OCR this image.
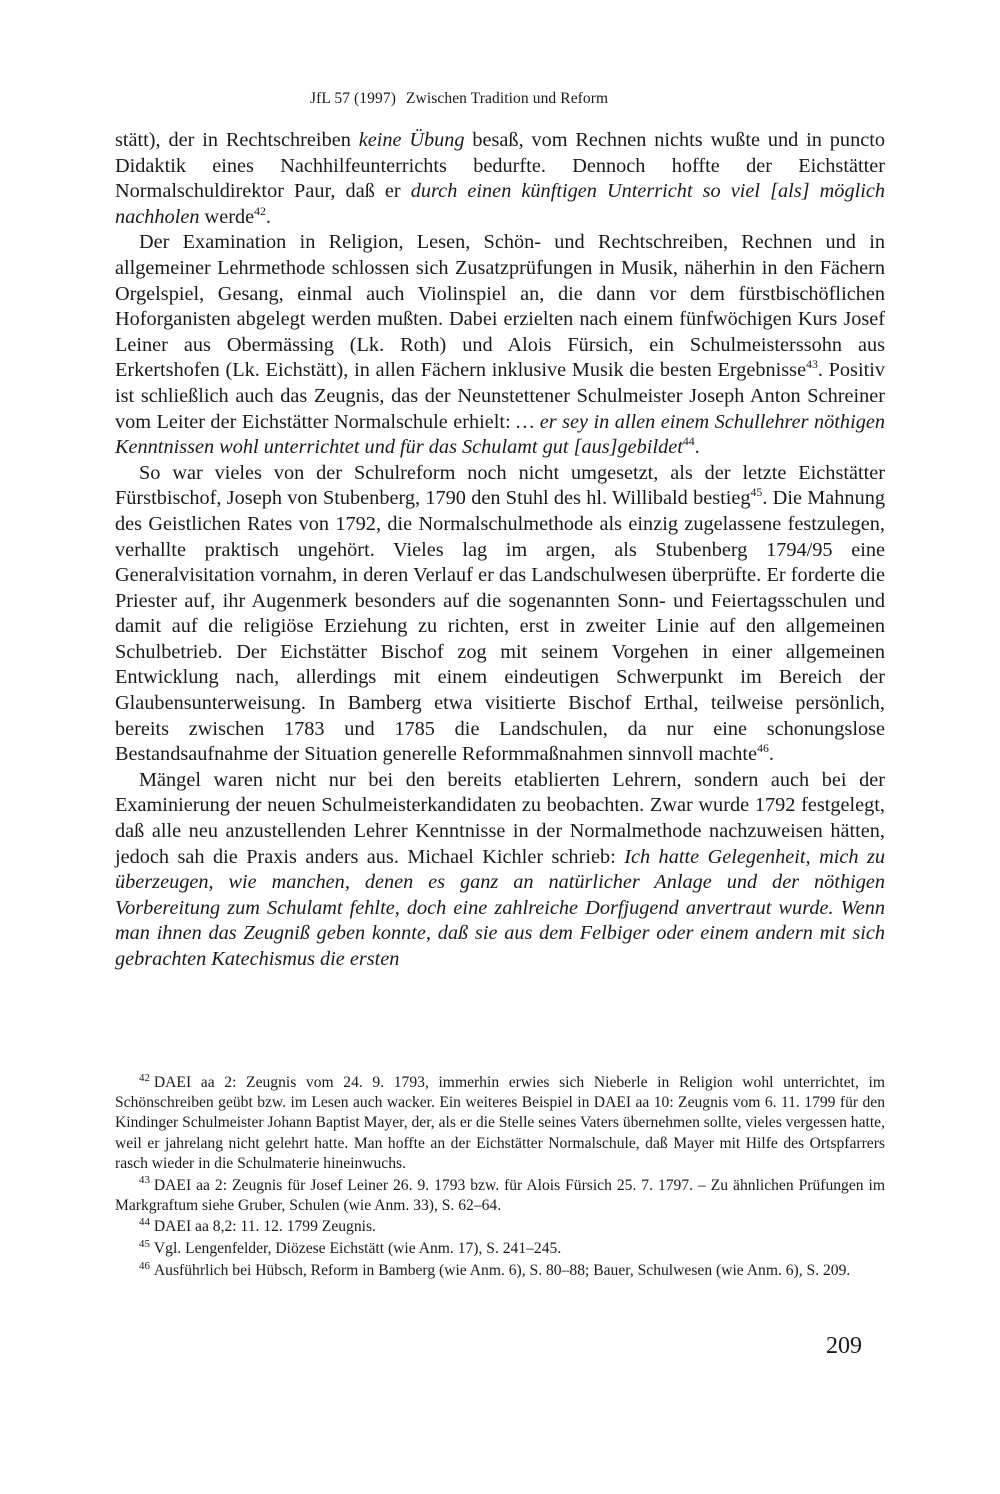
JfL 57 (1997) Zwischen Tradition und Reform

stätt), der in Rechtschreiben keine Übung besaß, vom Rechnen nichts wußte und in puncto Didaktik eines Nachhilfeunterrichts bedurfte. Dennoch hoffte der Eichstätter Normalschuldirektor Paur, daß er durch einen künftigen Unterricht so viel [als] möglich nachholen werde$^{42}$.

Der Examination in Religion, Lesen, Schön- und Rechtschreiben, Rechnen und in allgemeiner Lehrmethode schlossen sich Zusatzprüfungen in Musik, näherhin in den Fächern Orgelspiel, Gesang, einmal auch Violinspiel an, die dann vor dem fürstbischöflichen Hoforganisten abgelegt werden mußten. Dabei erzielten nach einem fünfwöchigen Kurs Josef Leiner aus Obermässing (Lk. Roth) und Alois Fürsich, ein Schulmeisterssohn aus Erkertshofen (Lk. Eichstätt), in allen Fächern inklusive Musik die besten Ergebnisse$^{43}$. Positiv ist schließlich auch das Zeugnis, das der Neunstettener Schulmeister Joseph Anton Schreiner vom Leiter der Eichstätter Normalschule erhielt: … er sey in allen einem Schullehrer nöthigen Kenntnissen wohl unterrichtet und für das Schulamt gut [aus]gebildet$^{44}$.

So war vieles von der Schulreform noch nicht umgesetzt, als der letzte Eichstätter Fürstbischof, Joseph von Stubenberg, 1790 den Stuhl des hl. Willibald bestieg$^{45}$. Die Mahnung des Geistlichen Rates von 1792, die Normalschulmethode als einzig zugelassene festzulegen, verhallte praktisch ungehört. Vieles lag im argen, als Stubenberg 1794/95 eine Generalvisitation vornahm, in deren Verlauf er das Landschulwesen überprüfte. Er forderte die Priester auf, ihr Augenmerk besonders auf die sogenannten Sonn- und Feiertagsschulen und damit auf die religiöse Erziehung zu richten, erst in zweiter Linie auf den allgemeinen Schulbetrieb. Der Eichstätter Bischof zog mit seinem Vorgehen in einer allgemeinen Entwicklung nach, allerdings mit einem eindeutigen Schwerpunkt im Bereich der Glaubensunterweisung. In Bamberg etwa visitierte Bischof Erthal, teilweise persönlich, bereits zwischen 1783 und 1785 die Landschulen, da nur eine schonungslose Bestandsaufnahme der Situation generelle Reformmaßnahmen sinnvoll machte$^{46}$.

Mängel waren nicht nur bei den bereits etablierten Lehrern, sondern auch bei der Examinierung der neuen Schulmeisterkandidaten zu beobachten. Zwar wurde 1792 festgelegt, daß alle neu anzustellenden Lehrer Kenntnisse in der Normalmethode nachzuweisen hätten, jedoch sah die Praxis anders aus. Michael Kichler schrieb: Ich hatte Gelegenheit, mich zu überzeugen, wie manchen, denen es ganz an natürlicher Anlage und der nöthigen Vorbereitung zum Schulamt fehlte, doch eine zahlreiche Dorfjugend anvertraut wurde. Wenn man ihnen das Zeugniß geben konnte, daß sie aus dem Felbiger oder einem andern mit sich gebrachten Katechismus die ersten

$^{42}$ DAEI aa 2: Zeugnis vom 24. 9. 1793, immerhin erwies sich Nieberle in Religion wohl unterrichtet, im Schönschreiben geübt bzw. im Lesen auch wacker. Ein weiteres Beispiel in DAEI aa 10: Zeugnis vom 6. 11. 1799 für den Kindinger Schulmeister Johann Baptist Mayer, der, als er die Stelle seines Vaters übernehmen sollte, vieles vergessen hatte, weil er jahrelang nicht gelehrt hatte. Man hoffte an der Eichstätter Normalschule, daß Mayer mit Hilfe des Ortspfarrers rasch wieder in die Schulmaterie hineinwuchs.

$^{43}$ DAEI aa 2: Zeugnis für Josef Leiner 26. 9. 1793 bzw. für Alois Fürsich 25. 7. 1797. – Zu ähnlichen Prüfungen im Markgraftum siehe Gruber, Schulen (wie Anm. 33), S. 62–64.

$^{44}$ DAEI aa 8,2: 11. 12. 1799 Zeugnis.

$^{45}$ Vgl. Lengenfelder, Diözese Eichstätt (wie Anm. 17), S. 241–245.

$^{46}$ Ausführlich bei Hübsch, Reform in Bamberg (wie Anm. 6), S. 80–88; Bauer, Schulwesen (wie Anm. 6), S. 209.

209
